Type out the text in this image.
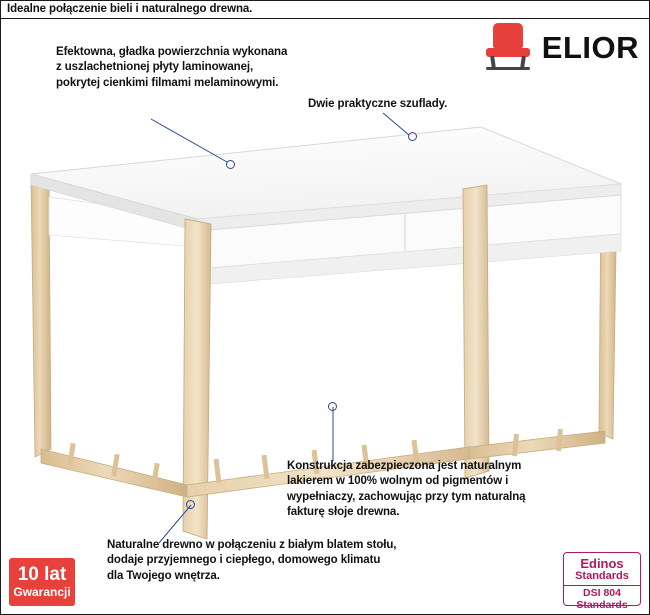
Idealne połączenie bieli i naturalnego drewna.
ELIOR
Efektowna, gładka powierzchnia wykonana z uszlachetnionej płyty laminowanej, pokrytej cienkimi filmami melaminowymi.
Dwie praktyczne szuflady.
Konstrukcja zabezpieczona jest naturalnym lakierem w 100% wolnym od pigmentów i wypełniaczy, zachowując przy tym naturalną fakturę słoje drewna.
Naturalne drewno w połączeniu z białym blatem stołu, dodaje przyjemnego i ciepłego, domowego klimatu dla Twojego wnętrza.
10 lat
Gwarancji
Edinos
Standards
DSI 804
Standards
